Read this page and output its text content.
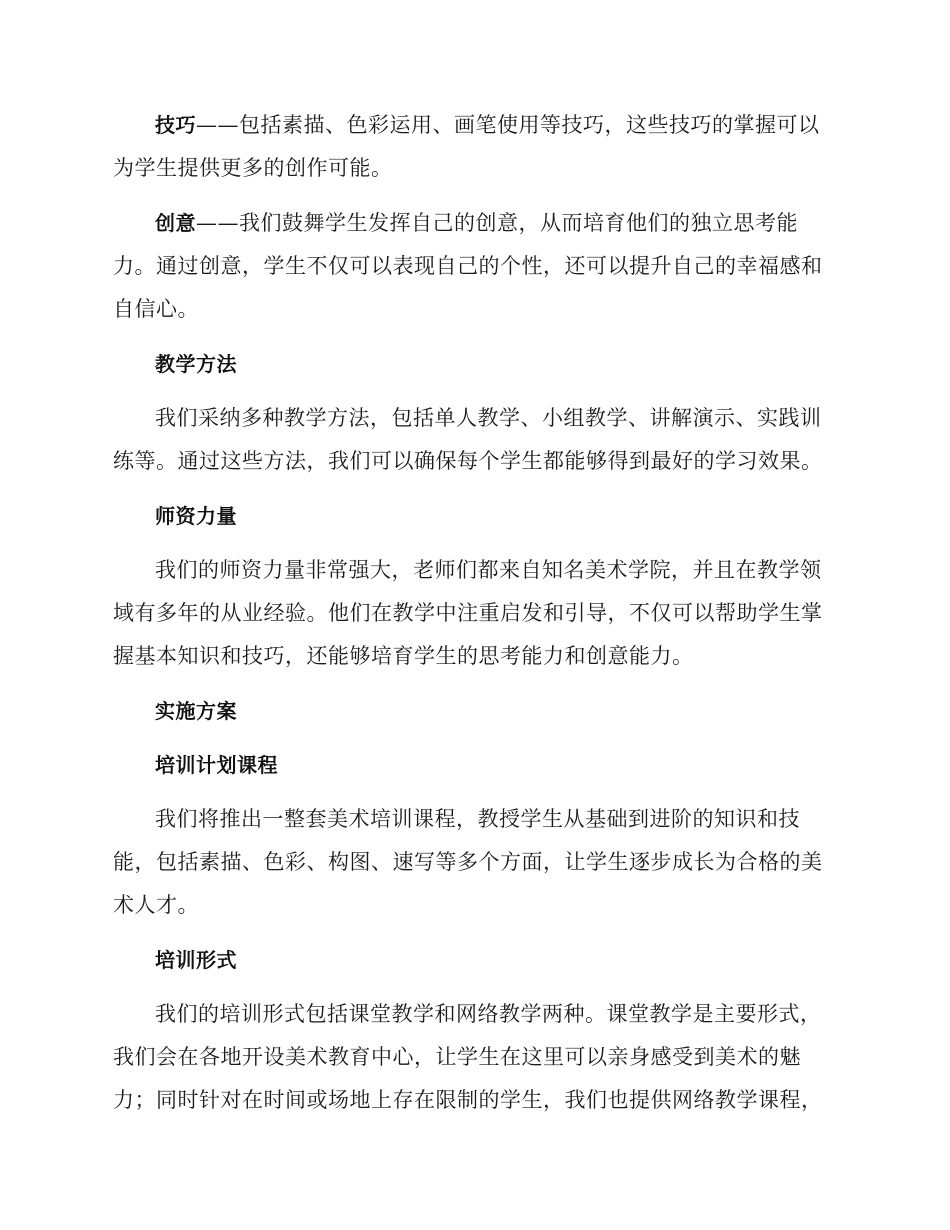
技巧——包括素描、色彩运用、画笔使用等技巧，这些技巧的掌握可以为学生提供更多的创作可能。

创意——我们鼓舞学生发挥自己的创意，从而培育他们的独立思考能力。通过创意，学生不仅可以表现自己的个性，还可以提升自己的幸福感和自信心。

教学方法

我们采纳多种教学方法，包括单人教学、小组教学、讲解演示、实践训练等。通过这些方法，我们可以确保每个学生都能够得到最好的学习效果。

师资力量

我们的师资力量非常强大，老师们都来自知名美术学院，并且在教学领域有多年的从业经验。他们在教学中注重启发和引导，不仅可以帮助学生掌握基本知识和技巧，还能够培育学生的思考能力和创意能力。

实施方案
培训计划课程

我们将推出一整套美术培训课程，教授学生从基础到进阶的知识和技能，包括素描、色彩、构图、速写等多个方面，让学生逐步成长为合格的美术人才。

培训形式

我们的培训形式包括课堂教学和网络教学两种。课堂教学是主要形式，我们会在各地开设美术教育中心，让学生在这里可以亲身感受到美术的魅力；同时针对在时间或场地上存在限制的学生，我们也提供网络教学课程，
